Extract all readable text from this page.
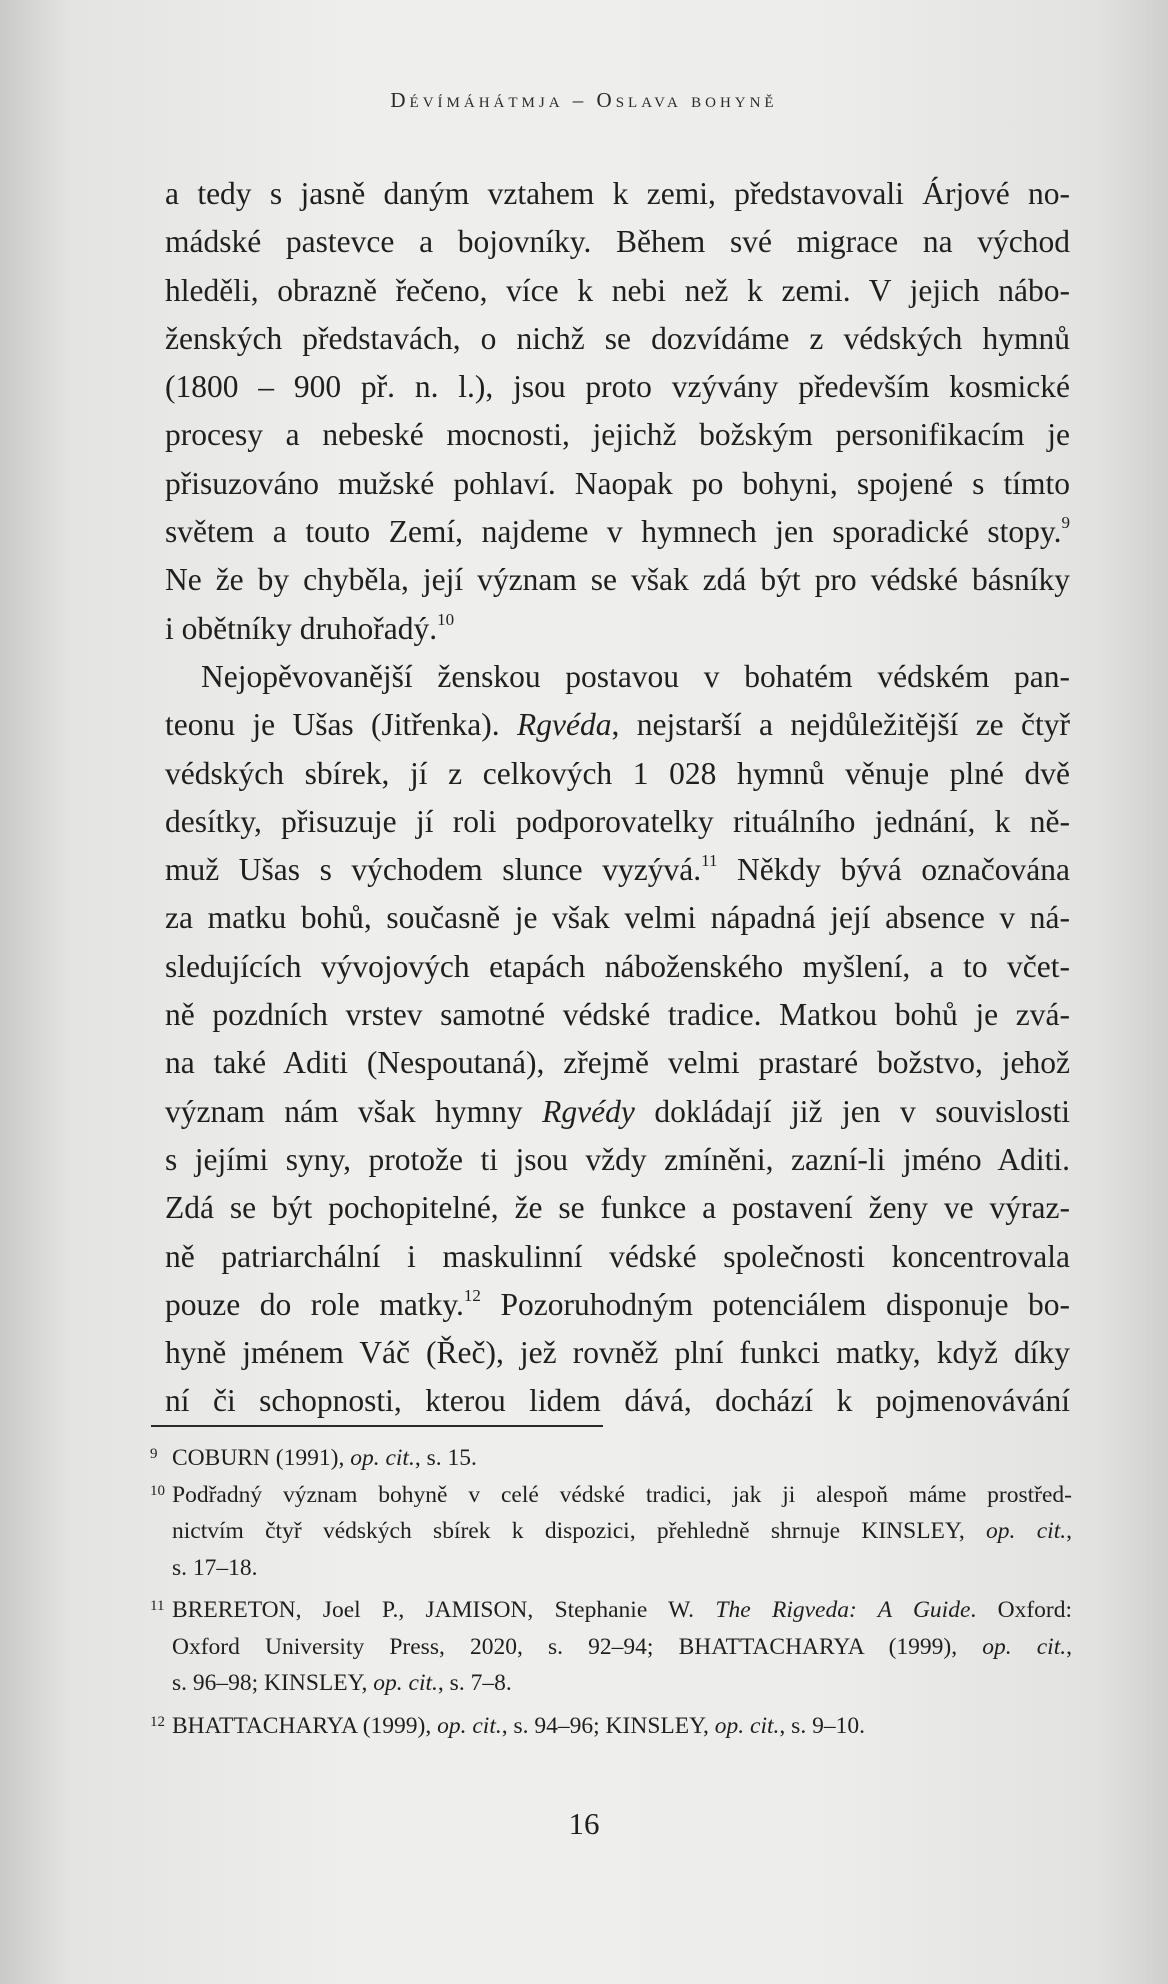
Dévímáhátmja – Oslava bohyně
a tedy s jasně daným vztahem k zemi, představovali Árjové no-
mádské pastevce a bojovníky. Během své migrace na východ
hleděli, obrazně řečeno, více k nebi než k zemi. V jejich nábo-
ženských představách, o nichž se dozvídáme z védských hymnů
(1800 – 900 př. n. l.), jsou proto vzývány především kosmické
procesy a nebeské mocnosti, jejichž božským personifikacím je
přisuzováno mužské pohlaví. Naopak po bohyni, spojené s tímto
světem a touto Zemí, najdeme v hymnech jen sporadické stopy.$^9$
Ne že by chyběla, její význam se však zdá být pro védské básníky
i obětníky druhořadý.$^{10}$
Nejopěvovanější ženskou postavou v bohatém védském pan-
teonu je Ušas (Jitřenka). Rgvéda, nejstarší a nejdůležitější ze čtyř
védských sbírek, jí z celkových 1 028 hymnů věnuje plné dvě
desítky, přisuzuje jí roli podporovatelky rituálního jednání, k ně-
muž Ušas s východem slunce vyzývá.$^{11}$ Někdy bývá označována
za matku bohů, současně je však velmi nápadná její absence v ná-
sledujících vývojových etapách náboženského myšlení, a to včet-
ně pozdních vrstev samotné védské tradice. Matkou bohů je zvá-
na také Aditi (Nespoutaná), zřejmě velmi prastaré božstvo, jehož
význam nám však hymny Rgvédy dokládají již jen v souvislosti
s jejími syny, protože ti jsou vždy zmíněni, zazní-li jméno Aditi.
Zdá se být pochopitelné, že se funkce a postavení ženy ve výraz-
ně patriarchální i maskulinní védské společnosti koncentrovala
pouze do role matky.$^{12}$ Pozoruhodným potenciálem disponuje bo-
hyně jménem Váč (Řeč), jež rovněž plní funkci matky, když díky
ní či schopnosti, kterou lidem dává, dochází k pojmenovávání
9 COBURN (1991), op. cit., s. 15.
10 Podřadný význam bohyně v celé védské tradici, jak ji alespoň máme prostřed-
nictvím čtyř védských sbírek k dispozici, přehledně shrnuje KINSLEY, op. cit.,
s. 17–18.
11 BRERETON, Joel P., JAMISON, Stephanie W. The Rigveda: A Guide. Oxford:
Oxford University Press, 2020, s. 92–94; BHATTACHARYA (1999), op. cit.,
s. 96–98; KINSLEY, op. cit., s. 7–8.
12 BHATTACHARYA (1999), op. cit., s. 94–96; KINSLEY, op. cit., s. 9–10.
16
